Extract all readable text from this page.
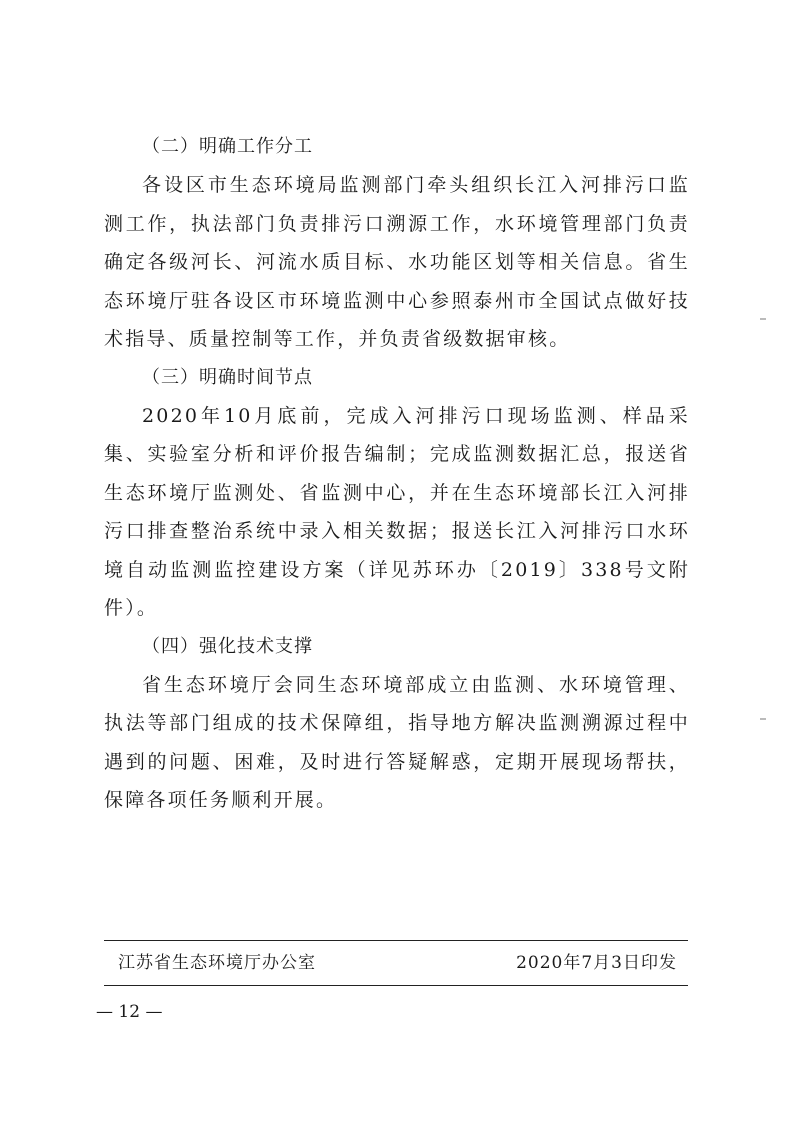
（二）明确工作分工

各设区市生态环境局监测部门牵头组织长江入河排污口监测工作，执法部门负责排污口溯源工作，水环境管理部门负责确定各级河长、河流水质目标、水功能区划等相关信息。省生态环境厅驻各设区市环境监测中心参照泰州市全国试点做好技术指导、质量控制等工作，并负责省级数据审核。

（三）明确时间节点

2020年10月底前，完成入河排污口现场监测、样品采集、实验室分析和评价报告编制；完成监测数据汇总，报送省生态环境厅监测处、省监测中心，并在生态环境部长江入河排污口排查整治系统中录入相关数据；报送长江入河排污口水环境自动监测监控建设方案（详见苏环办〔2019〕338号文附件）。

（四）强化技术支撑

省生态环境厅会同生态环境部成立由监测、水环境管理、执法等部门组成的技术保障组，指导地方解决监测溯源过程中遇到的问题、困难，及时进行答疑解惑，定期开展现场帮扶，保障各项任务顺利开展。

江苏省生态环境厅办公室	2020年7月3日印发
— 12 —
